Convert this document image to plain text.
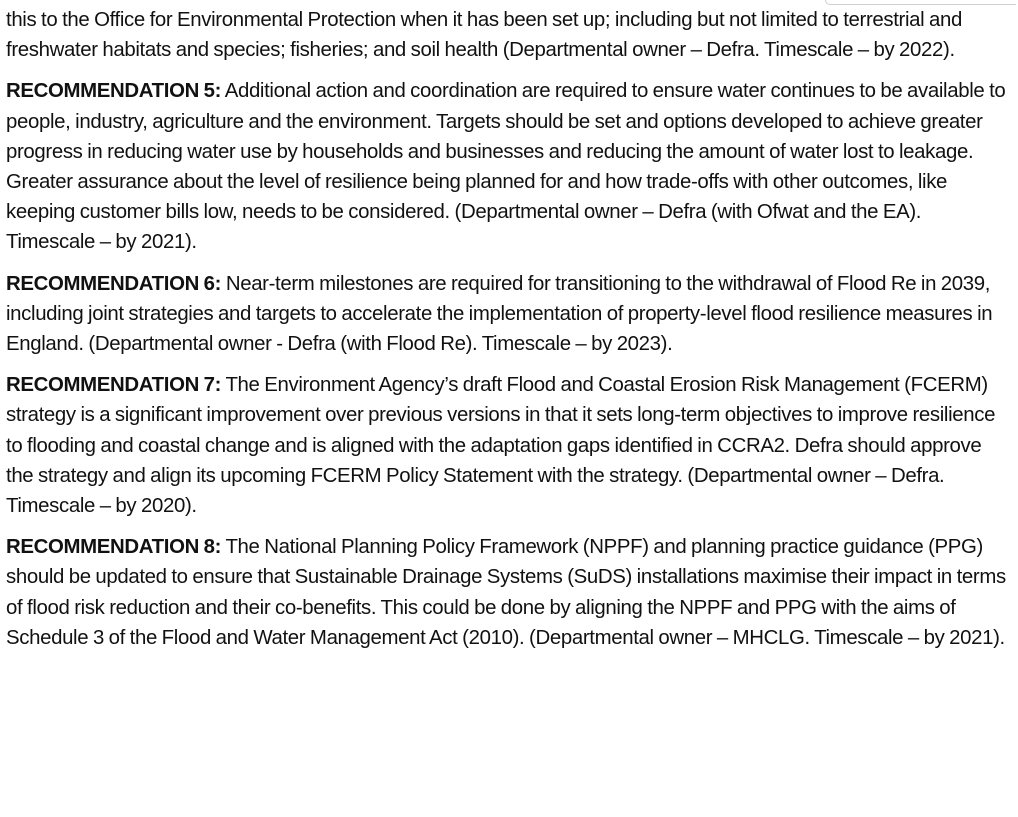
this to the Office for Environmental Protection when it has been set up; including but not limited to terrestrial and freshwater habitats and species; fisheries; and soil health (Departmental owner – Defra. Timescale – by 2022).

RECOMMENDATION 5: Additional action and coordination are required to ensure water continues to be available to people, industry, agriculture and the environment. Targets should be set and options developed to achieve greater progress in reducing water use by households and businesses and reducing the amount of water lost to leakage. Greater assurance about the level of resilience being planned for and how trade-offs with other outcomes, like keeping customer bills low, needs to be considered. (Departmental owner – Defra (with Ofwat and the EA). Timescale – by 2021).

RECOMMENDATION 6: Near-term milestones are required for transitioning to the withdrawal of Flood Re in 2039, including joint strategies and targets to accelerate the implementation of property-level flood resilience measures in England. (Departmental owner - Defra (with Flood Re). Timescale – by 2023).

RECOMMENDATION 7: The Environment Agency’s draft Flood and Coastal Erosion Risk Management (FCERM) strategy is a significant improvement over previous versions in that it sets long-term objectives to improve resilience to flooding and coastal change and is aligned with the adaptation gaps identified in CCRA2. Defra should approve the strategy and align its upcoming FCERM Policy Statement with the strategy. (Departmental owner – Defra. Timescale – by 2020).

RECOMMENDATION 8: The National Planning Policy Framework (NPPF) and planning practice guidance (PPG) should be updated to ensure that Sustainable Drainage Systems (SuDS) installations maximise their impact in terms of flood risk reduction and their co-benefits. This could be done by aligning the NPPF and PPG with the aims of Schedule 3 of the Flood and Water Management Act (2010). (Departmental owner – MHCLG. Timescale – by 2021).
